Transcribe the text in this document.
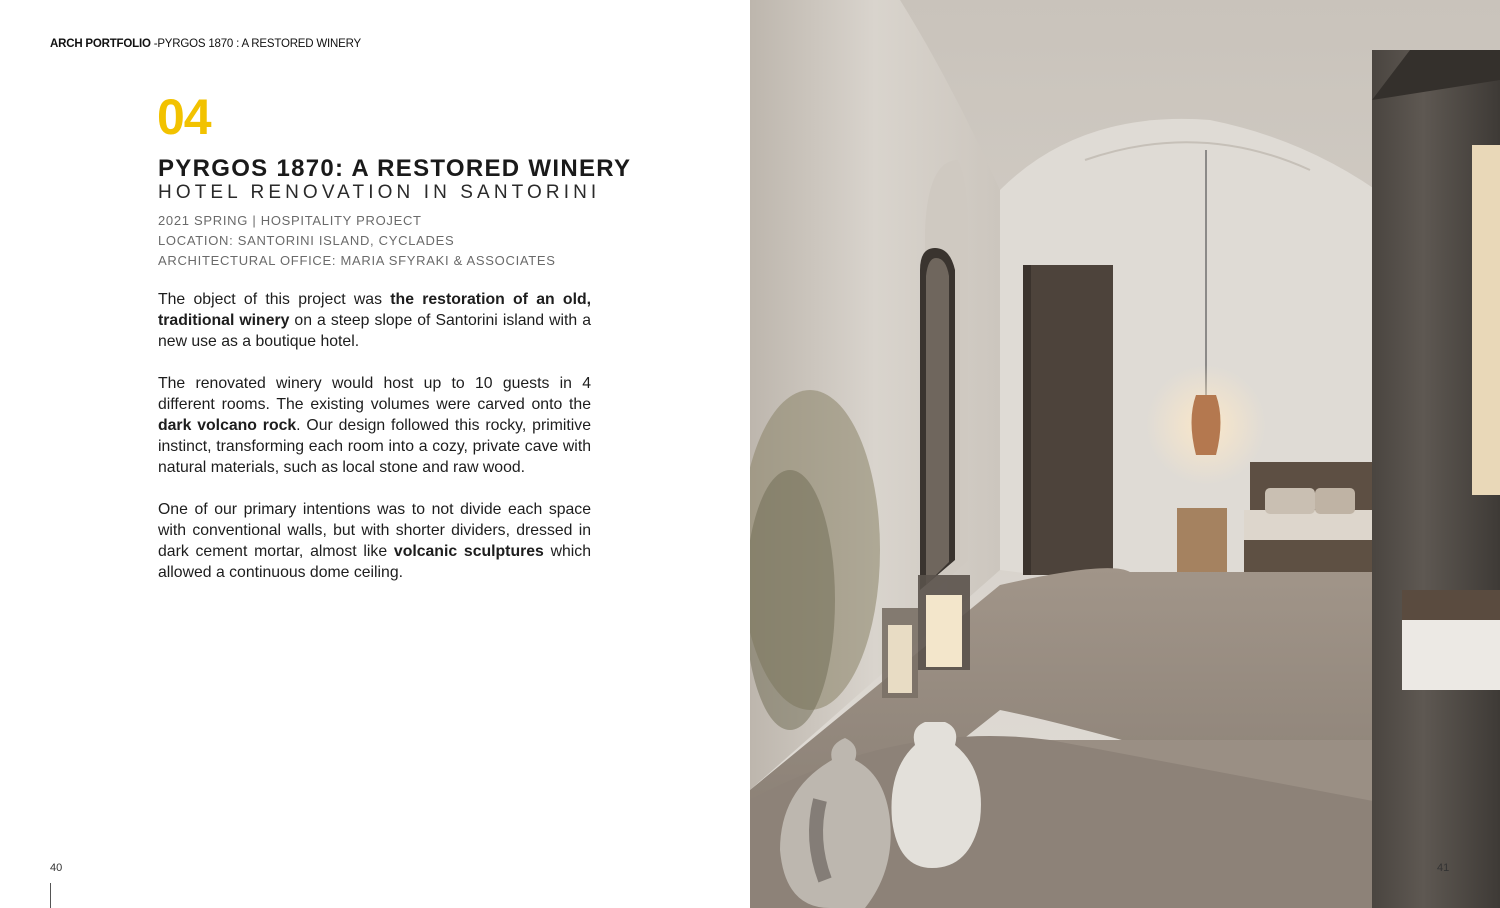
ARCH PORTFOLIO -PYRGOS 1870 : A RESTORED WINERY
04
PYRGOS 1870: A RESTORED WINERY
HOTEL RENOVATION IN SANTORINI
2021 SPRING | HOSPITALITY PROJECT
LOCATION: SANTORINI ISLAND, CYCLADES
ARCHITECTURAL OFFICE: MARIA SFYRAKI & ASSOCIATES

The object of this project was the restoration of an old, traditional winery on a steep slope of Santorini island with a new use as a boutique hotel.

The renovated winery would host up to 10 guests in 4 different rooms. The existing volumes were carved onto the dark volcano rock. Our design followed this rocky, primitive instinct, transforming each room into a cozy, private cave with natural materials, such as local stone and raw wood.

One of our primary intentions was to not divide each space with conventional walls, but with shorter dividers, dressed in dark cement mortar, almost like volcanic sculptures which allowed a continuous dome ceiling.

40	41
